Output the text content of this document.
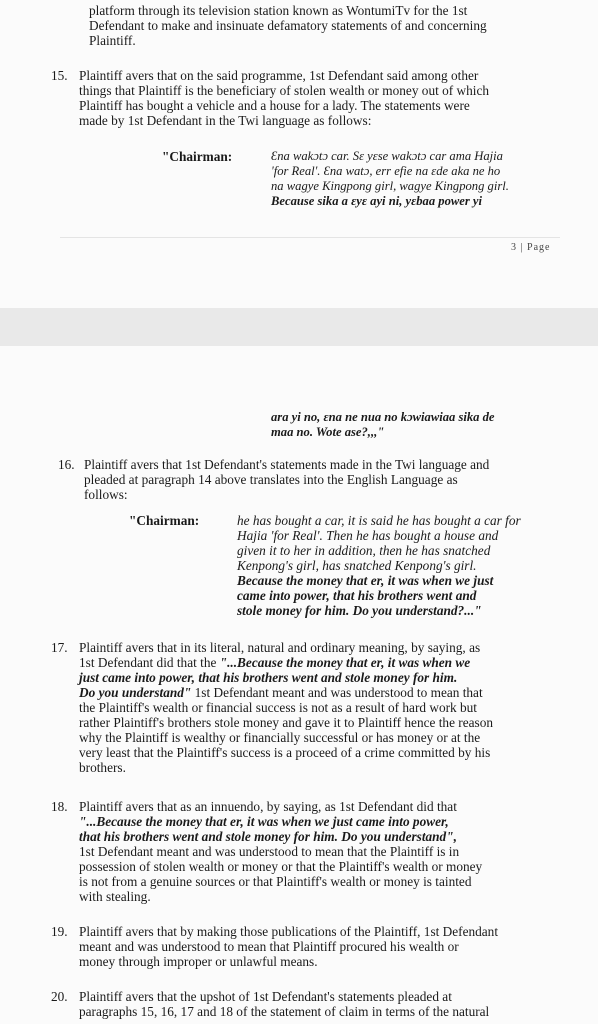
platform through its television station known as WontumiTv for the 1st

Defendant to make and insinuate defamatory statements of and concerning

Plaintiff.

15. Plaintiff avers that on the said programme, 1st Defendant said among other

things that Plaintiff is the beneficiary of stolen wealth or money out of which

Plaintiff has bought a vehicle and a house for a lady. The statements were

made by 1st Defendant in the Twi language as follows:

"Chairman:	Ɛna wakɔtɔ car. Sɛ yɛse wakɔtɔ car ama Hajia

'for Real'. Ɛna watɔ, err efie na ɛde aka ne ho

na wagye Kingpong girl, wagye Kingpong girl.

Because sika a ɛyɛ ayi ni, yɛbaa power yi

3 | Page

ara yi no, ɛna ne nua no kɔwiawiaa sika de

maa no. Wote ase?,,,"

16. Plaintiff avers that 1st Defendant's statements made in the Twi language and

pleaded at paragraph 14 above translates into the English Language as

follows:

"Chairman:	he has bought a car, it is said he has bought a car for

Hajia 'for Real'. Then he has bought a house and

given it to her in addition, then he has snatched

Kenpong's girl, has snatched Kenpong's girl.

Because the money that er, it was when we just

came into power, that his brothers went and

stole money for him. Do you understand?..."

17. Plaintiff avers that in its literal, natural and ordinary meaning, by saying, as

1st Defendant did that the "...Because the money that er, it was when we

just came into power, that his brothers went and stole money for him.

Do you understand" 1st Defendant meant and was understood to mean that

the Plaintiff's wealth or financial success is not as a result of hard work but

rather Plaintiff's brothers stole money and gave it to Plaintiff hence the reason

why the Plaintiff is wealthy or financially successful or has money or at the

very least that the Plaintiff's success is a proceed of a crime committed by his

brothers.

18. Plaintiff avers that as an innuendo, by saying, as 1st Defendant did that

"...Because the money that er, it was when we just came into power,

that his brothers went and stole money for him. Do you understand",

1st Defendant meant and was understood to mean that the Plaintiff is in

possession of stolen wealth or money or that the Plaintiff's wealth or money

is not from a genuine sources or that Plaintiff's wealth or money is tainted

with stealing.

19. Plaintiff avers that by making those publications of the Plaintiff, 1st Defendant

meant and was understood to mean that Plaintiff procured his wealth or

money through improper or unlawful means.

20. Plaintiff avers that the upshot of 1st Defendant's statements pleaded at

paragraphs 15, 16, 17 and 18 of the statement of claim in terms of the natural
